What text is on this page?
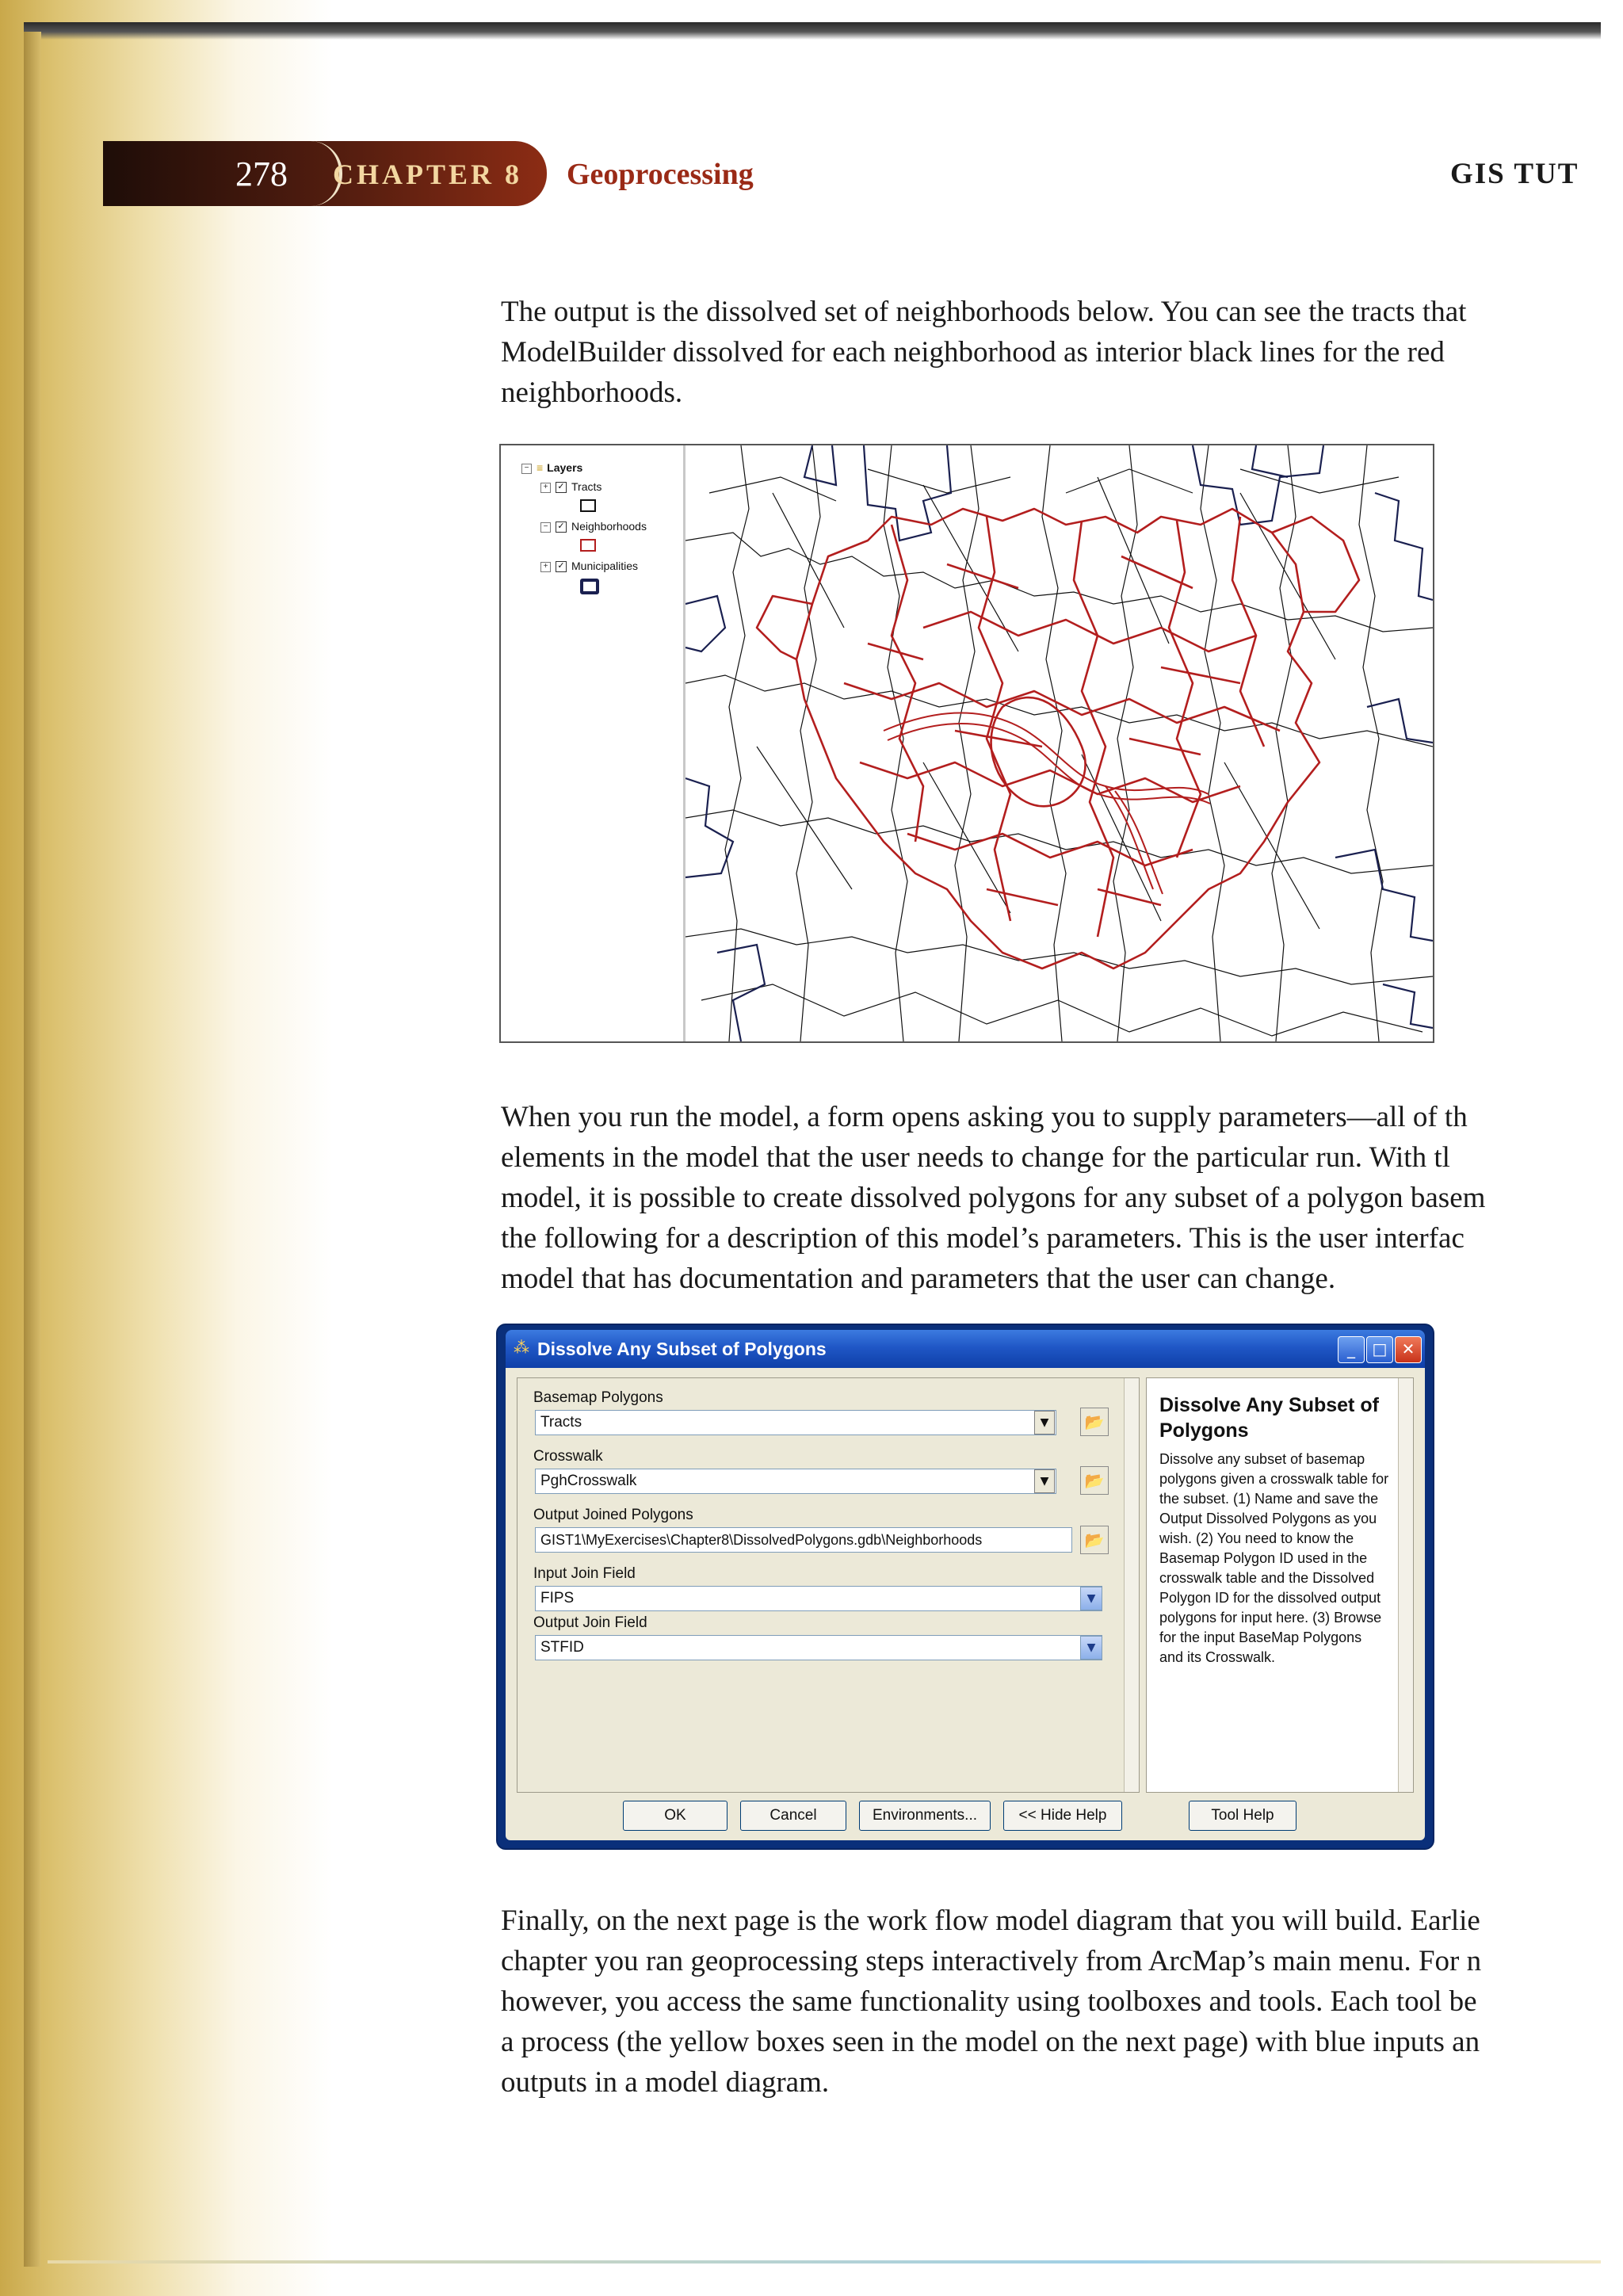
278	CHAPTER 8	Geoprocessing	GIS TUT
The output is the dissolved set of neighborhoods below. You can see the tracts that
ModelBuilder dissolved for each neighborhood as interior black lines for the red
neighborhoods.
− ≡ Layers
+ ✓ Tracts
− ✓ Neighborhoods
+ ✓ Municipalities
When you run the model, a form opens asking you to supply parameters—all of th
elements in the model that the user needs to change for the particular run. With tl
model, it is possible to create dissolved polygons for any subset of a polygon basem
the following for a description of this model’s parameters. This is the user interfac
model that has documentation and parameters that the user can change.
⁂ Dissolve Any Subset of Polygons	_	□ ✕
Basemap Polygons
Tracts	▼	📂
Crosswalk
PghCrosswalk	▼	📂
Output Joined Polygons
GIST1\MyExercises\Chapter8\DissolvedPolygons.gdb\Neighborhoods	📂
Input Join Field
FIPS	▼
Output Join Field
STFID	▼
Dissolve Any Subset of Polygons
Dissolve any subset of basemap polygons given a crosswalk table for the subset. (1) Name and save the Output Dissolved Polygons as you wish. (2) You need to know the Basemap Polygon ID used in the crosswalk table and the Dissolved Polygon ID for the dissolved output polygons for input here. (3) Browse for the input BaseMap Polygons and its Crosswalk.
OK	Cancel	Environments...	<< Hide Help	Tool Help
Finally, on the next page is the work flow model diagram that you will build. Earlie
chapter you ran geoprocessing steps interactively from ArcMap’s main menu. For n
however, you access the same functionality using toolboxes and tools. Each tool be
a process (the yellow boxes seen in the model on the next page) with blue inputs an
outputs in a model diagram.
